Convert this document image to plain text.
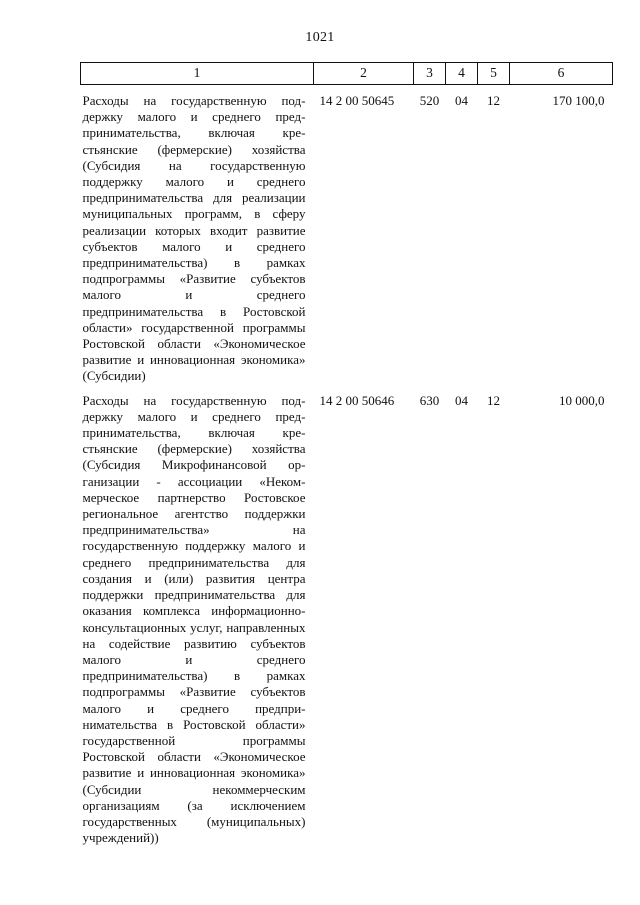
1021
1	2	3	4	5	6
Расходы на государственную поддержку малого и среднего предпринимательства, включая крестьянские (фермерские) хозяйства (Субсидия на государственную поддержку малого и среднего предпринимательства для реализации муниципальных программ, в сферу реализации которых входит развитие субъектов малого и среднего предпринимательства) в рамках подпрограммы «Развитие субъектов малого и среднего предпринимательства в Ростовской области» государственной программы Ростовской области «Экономическое развитие и инновационная экономика» (Субсидии)	14 2 00 50645	520	04	12	170 100,0
Расходы на государственную поддержку малого и среднего предпринимательства, включая крестьянские (фермерские) хозяйства (Субсидия Микрофинансовой организации - ассоциации «Некоммерческое партнерство Ростовское региональное агентство поддержки предпринимательства» на государственную поддержку малого и среднего предпринимательства для создания и (или) развития центра поддержки предпринимательства для оказания комплекса информационно-консультационных услуг, направленных на содействие развитию субъектов малого и среднего предпринимательства) в рамках подпрограммы «Развитие субъектов малого и среднего предпринимательства в Ростовской области» государственной программы Ростовской области «Экономическое развитие и инновационная экономика» (Субсидии некоммерческим организациям (за исключением государственных (муниципальных) учреждений))	14 2 00 50646	630	04	12	10 000,0
